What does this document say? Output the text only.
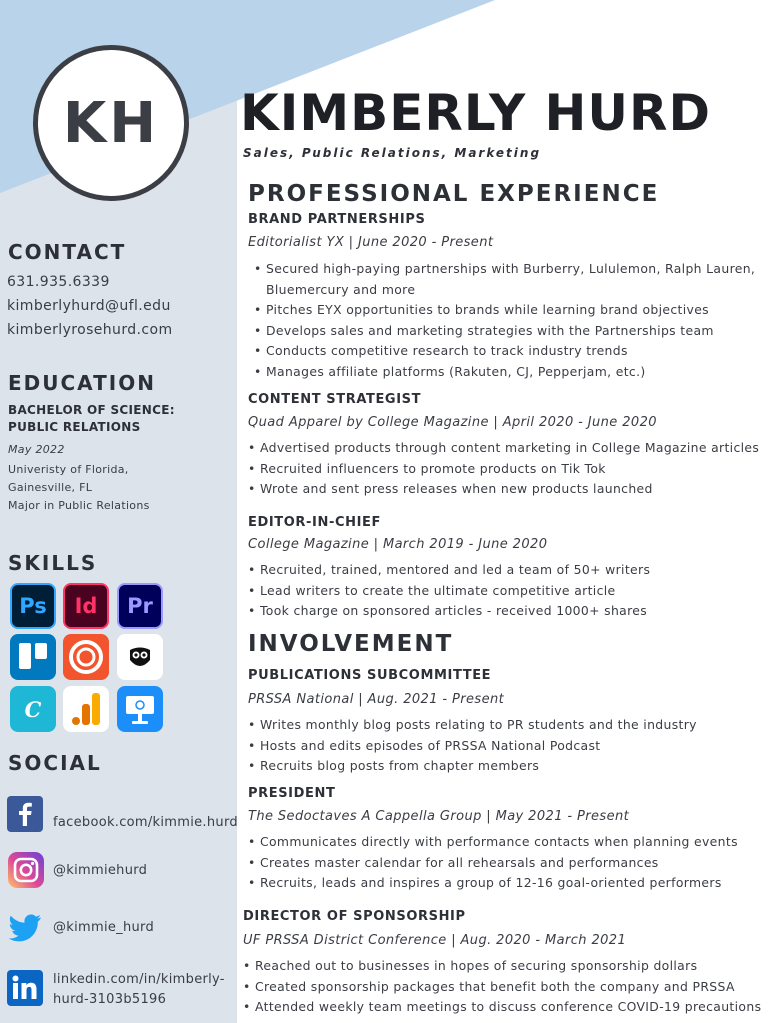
KH KIMBERLY HURD
Sales, Public Relations, Marketing
CONTACT
631.935.6339
kimberlyhurd@ufl.edu
kimberlyrosehurd.com
EDUCATION
BACHELOR OF SCIENCE:
PUBLIC RELATIONS
May 2022
Univeristy of Florida,
Gainesville, FL
Major in Public Relations
SKILLS
Ps Id Pr
C
SOCIAL
facebook.com/kimmie.hurd
@kimmiehurd
@kimmie_hurd
linkedin.com/in/kimberly-
hurd-3103b5196
PROFESSIONAL EXPERIENCE
BRAND PARTNERSHIPS
Editorialist YX | June 2020 - Present
• Secured high-paying partnerships with Burberry, Lululemon, Ralph Lauren, Bluemercury and more
• Pitches EYX opportunities to brands while learning brand objectives
• Develops sales and marketing strategies with the Partnerships team
• Conducts competitive research to track industry trends
• Manages affiliate platforms (Rakuten, CJ, Pepperjam, etc.)
CONTENT STRATEGIST
Quad Apparel by College Magazine | April 2020 - June 2020
• Advertised products through content marketing in College Magazine articles
• Recruited influencers to promote products on Tik Tok
• Wrote and sent press releases when new products launched
EDITOR-IN-CHIEF
College Magazine | March 2019 - June 2020
• Recruited, trained, mentored and led a team of 50+ writers
• Lead writers to create the ultimate competitive article
• Took charge on sponsored articles - received 1000+ shares
INVOLVEMENT
PUBLICATIONS SUBCOMMITTEE
PRSSA National | Aug. 2021 - Present
• Writes monthly blog posts relating to PR students and the industry
• Hosts and edits episodes of PRSSA National Podcast
• Recruits blog posts from chapter members
PRESIDENT
The Sedoctaves A Cappella Group | May 2021 - Present
• Communicates directly with performance contacts when planning events
• Creates master calendar for all rehearsals and performances
• Recruits, leads and inspires a group of 12-16 goal-oriented performers
DIRECTOR OF SPONSORSHIP
UF PRSSA District Conference | Aug. 2020 - March 2021
• Reached out to businesses in hopes of securing sponsorship dollars
• Created sponsorship packages that benefit both the company and PRSSA
• Attended weekly team meetings to discuss conference COVID-19 precautions
